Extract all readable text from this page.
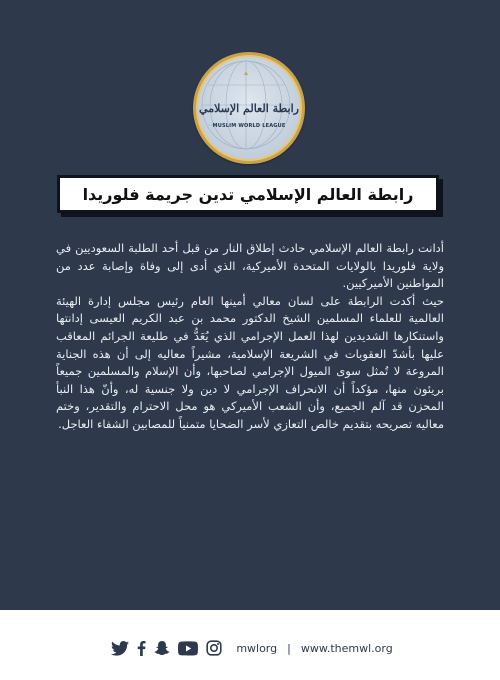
رابطة العالم الإسلامي
MUSLIM WORLD LEAGUE
رابطة العالم الإسلامي تدين جريمة فلوريدا

أدانت رابطة العالم الإسلامي حادث إطلاق النار من قبل أحد الطلبة السعوديين في ولاية فلوريدا بالولايات المتحدة الأميركية، الذي أدى إلى وفاة وإصابة عدد من المواطنين الأميركيين.

حيث أكدت الرابطة على لسان معالي أمينها العام رئيس مجلس إدارة الهيئة العالمية للعلماء المسلمين الشيخ الدكتور محمد بن عبد الكريم العيسى إدانتها واستنكارها الشديدين لهذا العمل الإجرامي الذي يُعَدُّ في طليعة الجرائم المعاقب عليها بأشدّ العقوبات في الشريعة الإسلامية، مشيراً معاليه إلى أن هذه الجناية المروعة لا تُمثل سوى الميول الإجرامي لصاحبها، وأن الإسلام والمسلمين جميعاً بريئون منها، مؤكداً أن الانحراف الإجرامي لا دين ولا جنسية له، وأنّ هذا النبأ المحزن قد آلم الجميع، وأن الشعب الأميركي هو محل الاحترام والتقدير، وختم معاليه تصريحه بتقديم خالص التعازي لأسر الضحايا متمنياً للمصابين الشفاء العاجل.

mwlorg | www.themwl.org
